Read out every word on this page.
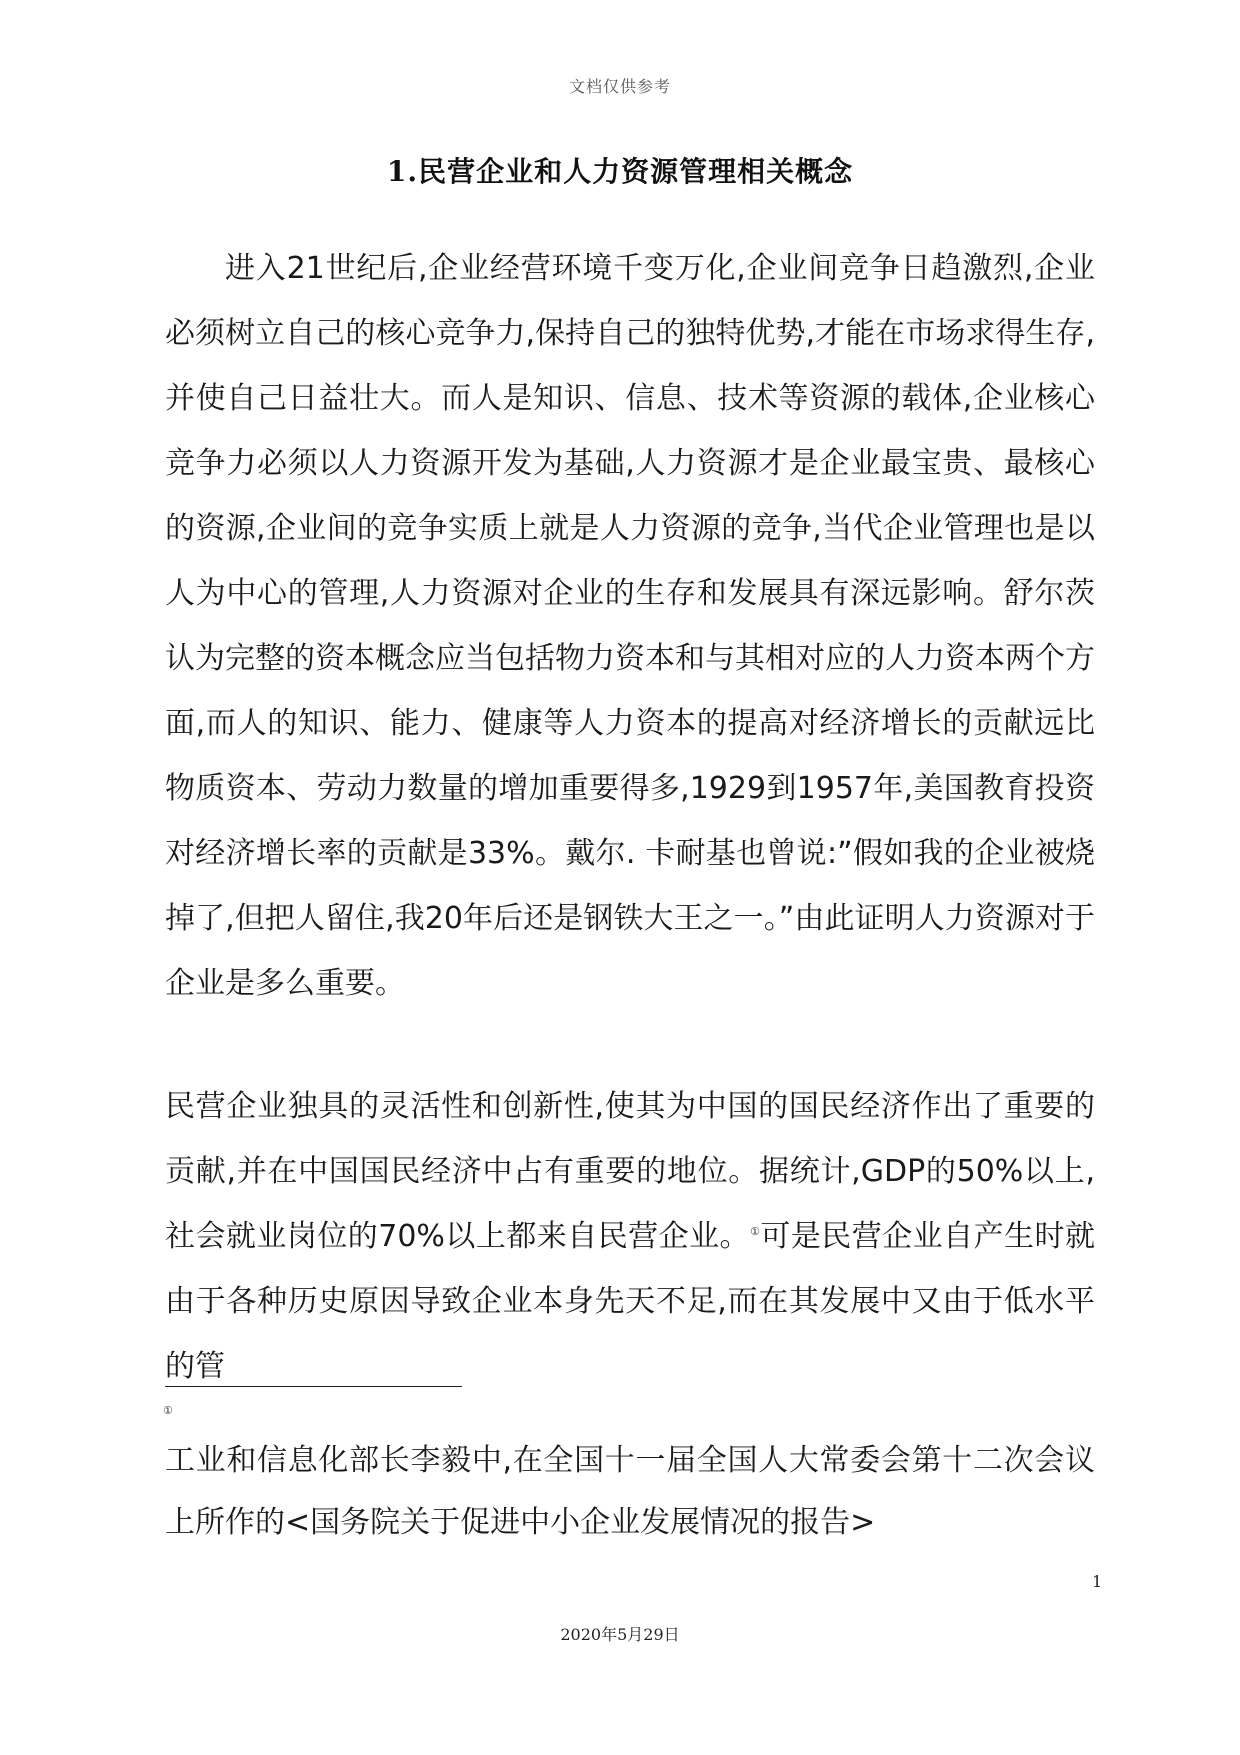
文档仅供参考
1.民营企业和人力资源管理相关概念
进入21世纪后,企业经营环境千变万化,企业间竞争日趋激烈,企业必须树立自己的核心竞争力,保持自己的独特优势,才能在市场求得生存,并使自己日益壮大。而人是知识、信息、技术等资源的载体,企业核心竞争力必须以人力资源开发为基础,人力资源才是企业最宝贵、最核心的资源,企业间的竞争实质上就是人力资源的竞争,当代企业管理也是以人为中心的管理,人力资源对企业的生存和发展具有深远影响。舒尔茨认为完整的资本概念应当包括物力资本和与其相对应的人力资本两个方面,而人的知识、能力、健康等人力资本的提高对经济增长的贡献远比物质资本、劳动力数量的增加重要得多,1929到1957年,美国教育投资对经济增长率的贡献是33%。戴尔. 卡耐基也曾说:”假如我的企业被烧掉了,但把人留住,我20年后还是钢铁大王之一。”由此证明人力资源对于企业是多么重要。
民营企业独具的灵活性和创新性,使其为中国的国民经济作出了重要的贡献,并在中国国民经济中占有重要的地位。据统计,GDP的50%以上,社会就业岗位的70%以上都来自民营企业。①可是民营企业自产生时就由于各种历史原因导致企业本身先天不足,而在其发展中又由于低水平的管
①
工业和信息化部长李毅中,在全国十一届全国人大常委会第十二次会议上所作的<国务院关于促进中小企业发展情况的报告>
1
2020年5月29日
